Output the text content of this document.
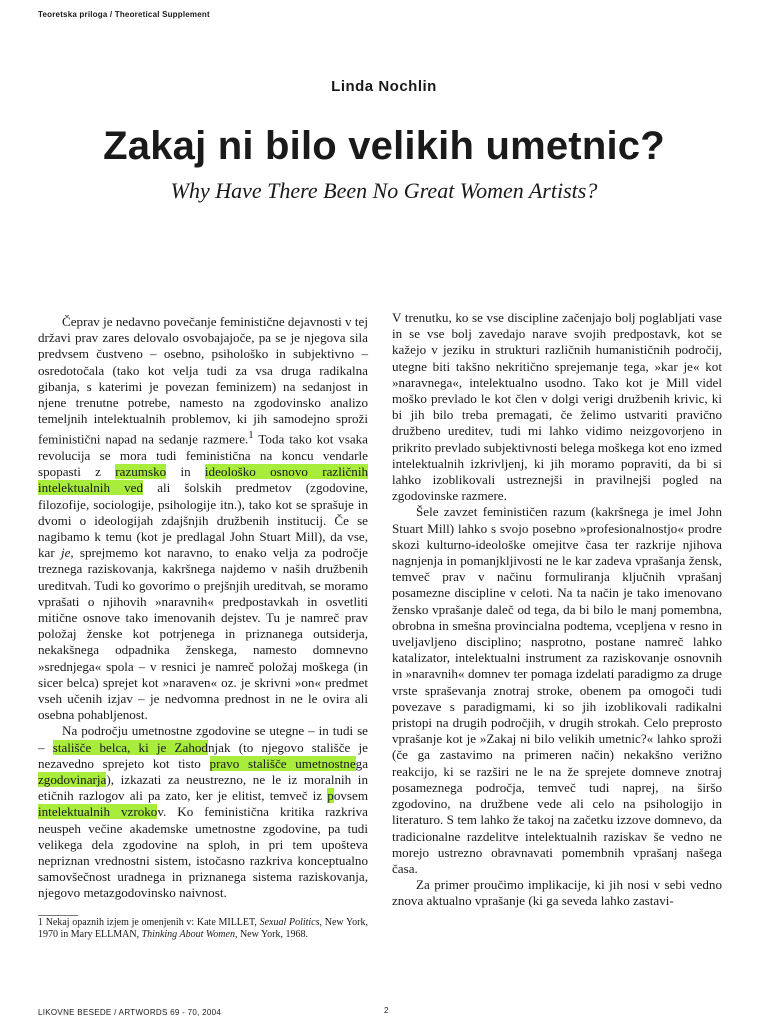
Teoretska priloga / Theoretical Supplement
Linda Nochlin
Zakaj ni bilo velikih umetnic?
Why Have There Been No Great Women Artists?

Čeprav je nedavno povečanje feministične dejavnosti v tej državi prav zares delovalo osvobajajoče, pa se je njegova sila predvsem čustveno – osebno, psihološko in subjektivno – osredotočala (tako kot velja tudi za vsa druga radikalna gibanja, s katerimi je povezan feminizem) na sedanjost in njene trenutne potrebe, namesto na zgodovinsko analizo temeljnih intelektualnih problemov, ki jih samodejno sproži feministični napad na sedanje razmere.$^1$ Toda tako kot vsaka revolucija se mora tudi feministična na koncu vendarle spopasti z razumsko in ideološko osnovo različnih intelektualnih ved ali šolskih predmetov (zgodovine, filozofije, sociologije, psihologije itn.), tako kot se sprašuje in dvomi o ideologijah zdajšnjih družbenih institucij. Če se nagibamo k temu (kot je predlagal John Stuart Mill), da vse, kar je, sprejmemo kot naravno, to enako velja za področje treznega raziskovanja, kakršnega najdemo v naših družbenih ureditvah. Tudi ko govorimo o prejšnjih ureditvah, se moramo vprašati o njihovih »naravnih« predpostavkah in osvetliti mitične osnove tako imenovanih dejstev. Tu je namreč prav položaj ženske kot potrjenega in priznanega outsiderja, nekakšnega odpadnika ženskega, namesto domnevno »srednjega« spola – v resnici je namreč položaj moškega (in sicer belca) sprejet kot »naraven« oz. je skrivni »on« predmet vseh učenih izjav – je nedvomna prednost in ne le ovira ali osebna pohabljenost.

Na področju umetnostne zgodovine se utegne – in tudi se – stališče belca, ki je Zahodnjak (to njegovo stališče je nezavedno sprejeto kot tisto pravo stališče umetnostnega zgodovinarja), izkazati za neustrezno, ne le iz moralnih in etičnih razlogov ali pa zato, ker je elitist, temveč iz povsem intelektualnih vzrokov. Ko feministična kritika razkriva neuspeh večine akademske umetnostne zgodovine, pa tudi velikega dela zgodovine na sploh, in pri tem upošteva nepriznan vrednostni sistem, istočasno razkriva konceptualno samovšečnost uradnega in priznanega sistema raziskovanja, njegovo metazgodovinsko naivnost.

1 Nekaj opaznih izjem je omenjenih v: Kate MILLET, Sexual Politics, New York, 1970 in Mary ELLMAN, Thinking About Women, New York, 1968.

V trenutku, ko se vse discipline začenjajo bolj poglabljati vase in se vse bolj zavedajo narave svojih predpostavk, kot se kažejo v jeziku in strukturi različnih humanističnih področij, utegne biti takšno nekritično sprejemanje tega, »kar je« kot »naravnega«, intelektualno usodno. Tako kot je Mill videl moško prevlado le kot člen v dolgi verigi družbenih krivic, ki bi jih bilo treba premagati, če želimo ustvariti pravično družbeno ureditev, tudi mi lahko vidimo neizgovorjeno in prikrito prevlado subjektivnosti belega moškega kot eno izmed intelektualnih izkrivljenj, ki jih moramo popraviti, da bi si lahko izoblikovali ustreznejši in pravilnejši pogled na zgodovinske razmere.

Šele zavzet feminističen razum (kakršnega je imel John Stuart Mill) lahko s svojo posebno »profesionalnostjo« prodre skozi kulturno-ideološke omejitve časa ter razkrije njihova nagnjenja in pomanjkljivosti ne le kar zadeva vprašanja žensk, temveč prav v načinu formuliranja ključnih vprašanj posamezne discipline v celoti. Na ta način je tako imenovano žensko vprašanje daleč od tega, da bi bilo le manj pomembna, obrobna in smešna provincialna podtema, vcepljena v resno in uveljavljeno disciplino; nasprotno, postane namreč lahko katalizator, intelektualni instrument za raziskovanje osnovnih in »naravnih« domnev ter pomaga izdelati paradigmo za druge vrste spraševanja znotraj stroke, obenem pa omogoči tudi povezave s paradigmami, ki so jih izoblikovali radikalni pristopi na drugih področjih, v drugih strokah. Celo preprosto vprašanje kot je »Zakaj ni bilo velikih umetnic?« lahko sproži (če ga zastavimo na primeren način) nekakšno verižno reakcijo, ki se razširi ne le na že sprejete domneve znotraj posameznega področja, temveč tudi naprej, na širšo zgodovino, na družbene vede ali celo na psihologijo in literaturo. S tem lahko že takoj na začetku izzove domnevo, da tradicionalne razdelitve intelektualnih raziskav še vedno ne morejo ustrezno obravnavati pomembnih vprašanj našega časa.

Za primer proučimo implikacije, ki jih nosi v sebi vedno znova aktualno vprašanje (ki ga seveda lahko zastavi-

LIKOVNE BESEDE / ARTWORDS 69 - 70, 2004	2
